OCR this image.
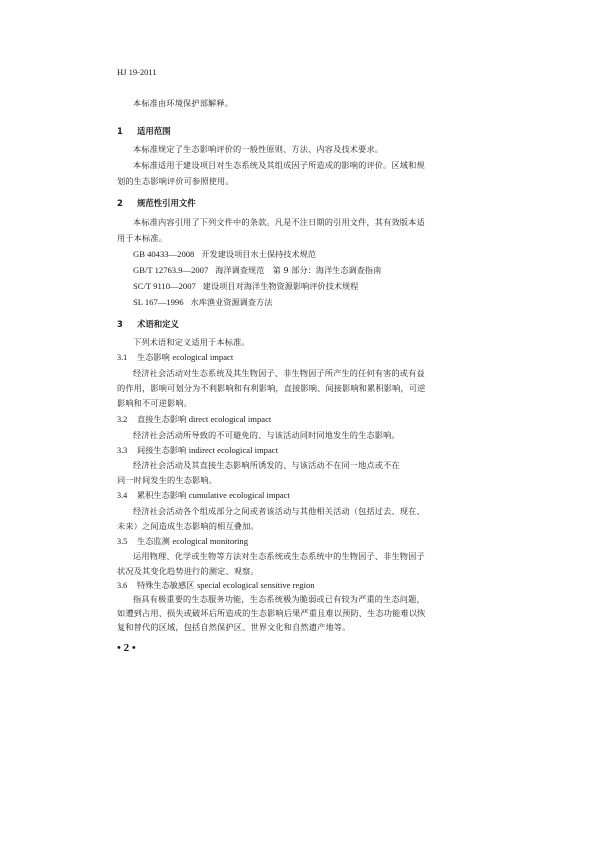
HJ 19-2011
本标准由环境保护部解释。
1 适用范围
本标准规定了生态影响评价的一般性原则、方法、内容及技术要求。
本标准适用于建设项目对生态系统及其组成因子所造成的影响的评价。区域和规
划的生态影响评价可参照使用。
2 规范性引用文件
本标准内容引用了下列文件中的条款。凡是不注日期的引用文件，其有效版本适
用于本标准。
GB 40433—2008 开发建设项目水土保持技术规范
GB/T 12763.9—2007 海洋调查规范　第 9 部分：海洋生态调查指南
SC/T 9110—2007 建设项目对海洋生物资源影响评价技术规程
SL 167—1996 水库渔业资源调查方法
3 术语和定义
下列术语和定义适用于本标准。
3.1 生态影响 ecological impact
经济社会活动对生态系统及其生物因子、非生物因子所产生的任何有害的或有益
的作用，影响可划分为不利影响和有利影响，直接影响、间接影响和累积影响，可逆
影响和不可逆影响。
3.2 直接生态影响 direct ecological impact
经济社会活动所导致的不可避免的、与该活动同时同地发生的生态影响。
3.3 间接生态影响 indirect ecological impact
经济社会活动及其直接生态影响所诱发的、与该活动不在同一地点或不在
同一时间发生的生态影响。
3.4 累积生态影响 cumulative ecological impact
经济社会活动各个组成部分之间或者该活动与其他相关活动（包括过去、现在、
未来）之间造成生态影响的相互叠加。
3.5 生态监测 ecological monitoring
运用物理、化学或生物等方法对生态系统或生态系统中的生物因子、非生物因子
状况及其变化趋势进行的测定、观察。
3.6 特殊生态敏感区 special ecological sensitive region
指具有极重要的生态服务功能，生态系统极为脆弱或已有较为严重的生态问题，
如遭到占用、损失或破坏后所造成的生态影响后果严重且难以预防、生态功能难以恢
复和替代的区域，包括自然保护区、世界文化和自然遗产地等。
• 2 •
